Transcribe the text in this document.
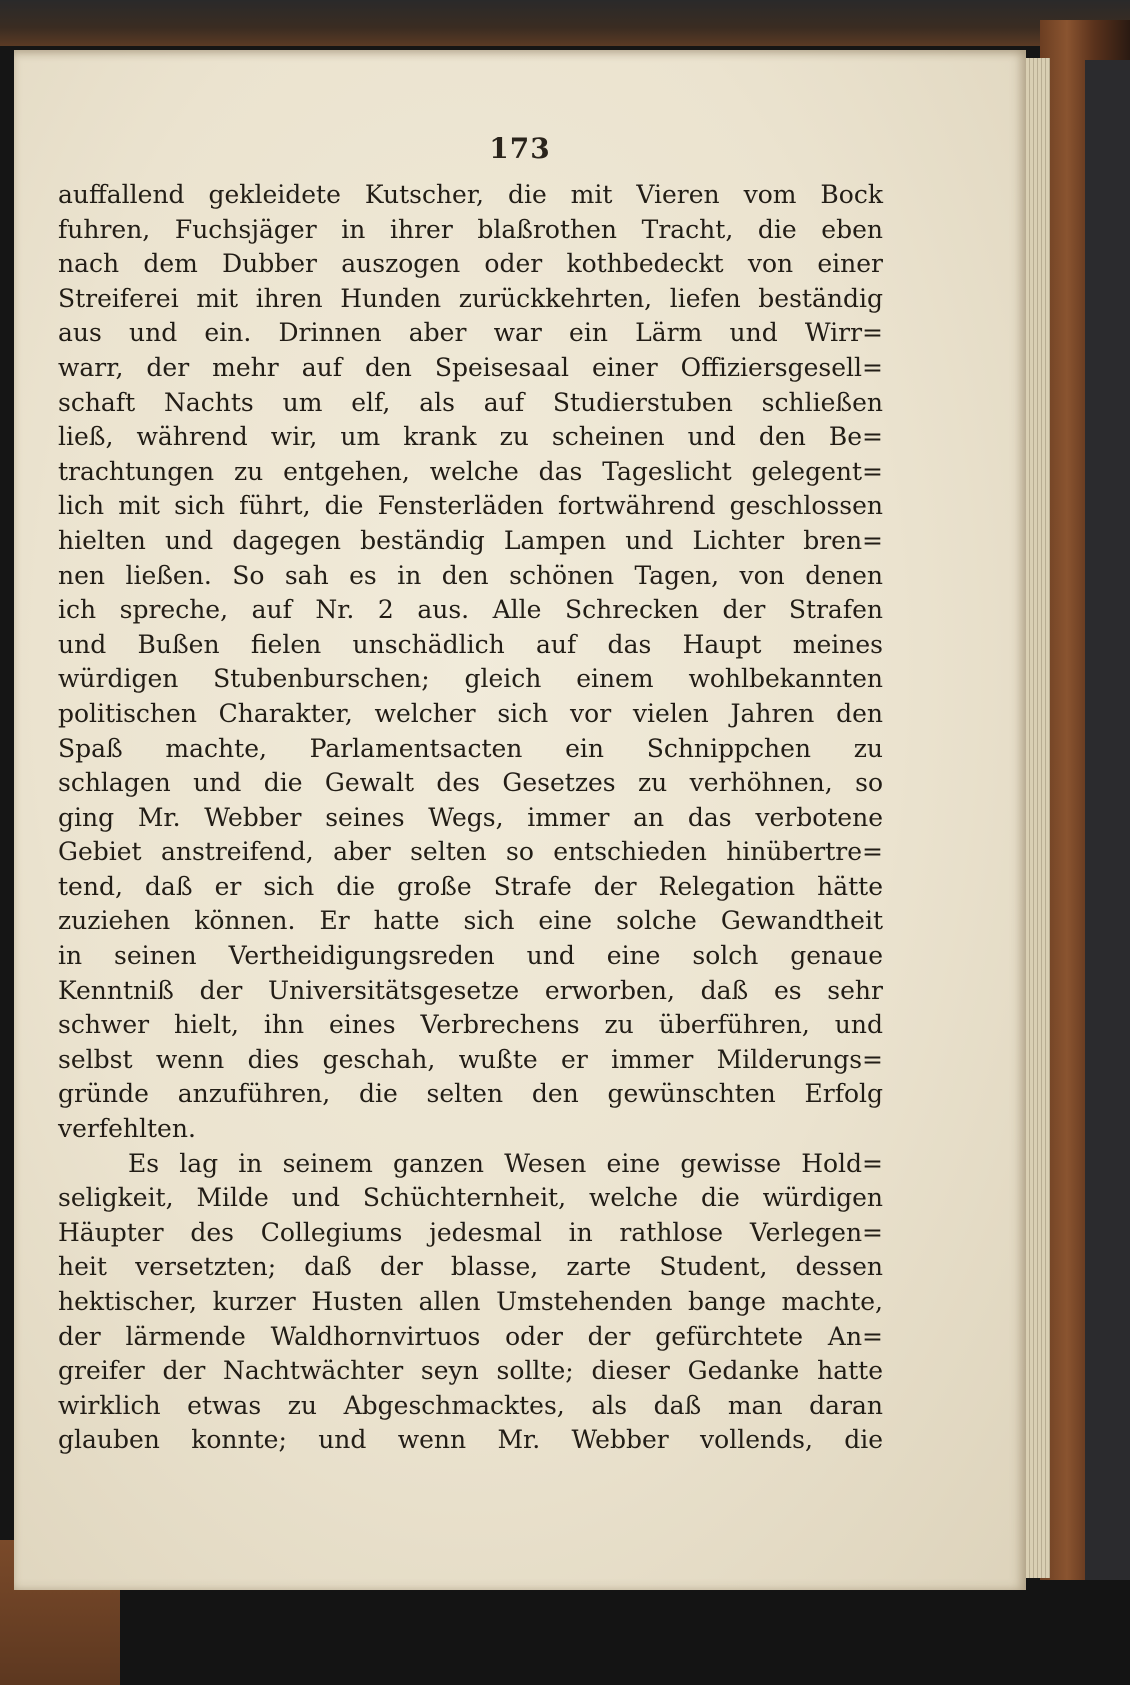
173
auffallend gekleidete Kutscher, die mit Vieren vom Bock
fuhren, Fuchsjäger in ihrer blaßrothen Tracht, die eben
nach dem Dubber auszogen oder kothbedeckt von einer
Streiferei mit ihren Hunden zurückkehrten, liefen beständig
aus und ein. Drinnen aber war ein Lärm und Wirr=
warr, der mehr auf den Speisesaal einer Offiziersgesell=
schaft Nachts um elf, als auf Studierstuben schließen
ließ, während wir, um krank zu scheinen und den Be=
trachtungen zu entgehen, welche das Tageslicht gelegent=
lich mit sich führt, die Fensterläden fortwährend geschlossen
hielten und dagegen beständig Lampen und Lichter bren=
nen ließen. So sah es in den schönen Tagen, von denen
ich spreche, auf Nr. 2 aus. Alle Schrecken der Strafen
und Bußen fielen unschädlich auf das Haupt meines
würdigen Stubenburschen; gleich einem wohlbekannten
politischen Charakter, welcher sich vor vielen Jahren den
Spaß machte, Parlamentsacten ein Schnippchen zu
schlagen und die Gewalt des Gesetzes zu verhöhnen, so
ging Mr. Webber seines Wegs, immer an das verbotene
Gebiet anstreifend, aber selten so entschieden hinübertre=
tend, daß er sich die große Strafe der Relegation hätte
zuziehen können. Er hatte sich eine solche Gewandtheit
in seinen Vertheidigungsreden und eine solch genaue
Kenntniß der Universitätsgesetze erworben, daß es sehr
schwer hielt, ihn eines Verbrechens zu überführen, und
selbst wenn dies geschah, wußte er immer Milderungs=
gründe anzuführen, die selten den gewünschten Erfolg
verfehlten.
Es lag in seinem ganzen Wesen eine gewisse Hold=
seligkeit, Milde und Schüchternheit, welche die würdigen
Häupter des Collegiums jedesmal in rathlose Verlegen=
heit versetzten; daß der blasse, zarte Student, dessen
hektischer, kurzer Husten allen Umstehenden bange machte,
der lärmende Waldhornvirtuos oder der gefürchtete An=
greifer der Nachtwächter seyn sollte; dieser Gedanke hatte
wirklich etwas zu Abgeschmacktes, als daß man daran
glauben konnte; und wenn Mr. Webber vollends, die
